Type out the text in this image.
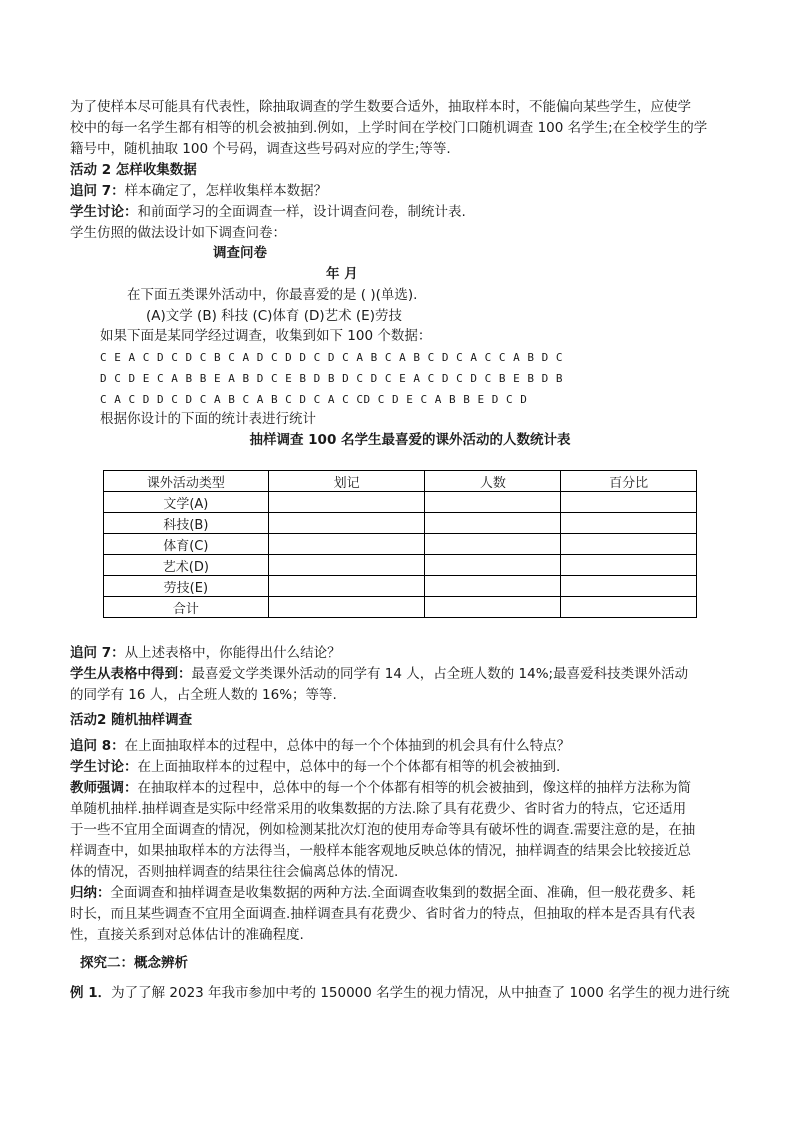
为了使样本尽可能具有代表性，除抽取调查的学生数要合适外，抽取样本时，不能偏向某些学生，应使学
校中的每一名学生都有相等的机会被抽到.例如，上学时间在学校门口随机调查 100 名学生;在全校学生的学
籍号中，随机抽取 100 个号码，调查这些号码对应的学生;等等.
活动 2 怎样收集数据
追问 7：样本确定了，怎样收集样本数据？
学生讨论：和前面学习的全面调查一样，设计调查问卷，制统计表.
学生仿照的做法设计如下调查问卷：
调查问卷
年 月
在下面五类课外活动中，你最喜爱的是 ( )(单选).
(A)文学 (B) 科技 (C)体育 (D)艺术 (E)劳技
如果下面是某同学经过调查，收集到如下 100 个数据：
C E A C D C D C B C A D C D D C D C A B C A B C D C A C C A B D C
D C D E C A B B E A B D C E B D B D C D C E A C D C D C B E B D B
C A C D D C D C A B C A B C D C A C CD C D E C A B B E D C D
根据你设计的下面的统计表进行统计
抽样调查 100 名学生最喜爱的课外活动的人数统计表
课外活动类型	划记	人数	百分比
文学(A)			
科技(B)			
体育(C)			
艺术(D)			
劳技(E)			
合计			
追问 7：从上述表格中，你能得出什么结论？
学生从表格中得到：最喜爱文学类课外活动的同学有 14 人，占全班人数的 14%;最喜爱科技类课外活动
的同学有 16 人，占全班人数的 16%；等等.
活动2 随机抽样调查
追问 8：在上面抽取样本的过程中，总体中的每一个个体抽到的机会具有什么特点？
学生讨论：在上面抽取样本的过程中，总体中的每一个个体都有相等的机会被抽到.
教师强调：在抽取样本的过程中，总体中的每一个个体都有相等的机会被抽到，像这样的抽样方法称为简
单随机抽样.抽样调查是实际中经常采用的收集数据的方法.除了具有花费少、省时省力的特点，它还适用
于一些不宜用全面调查的情况，例如检测某批次灯泡的使用寿命等具有破坏性的调查.需要注意的是，在抽
样调查中，如果抽取样本的方法得当，一般样本能客观地反映总体的情况，抽样调查的结果会比较接近总
体的情况，否则抽样调查的结果往往会偏离总体的情况.
归纳：全面调查和抽样调查是收集数据的两种方法.全面调查收集到的数据全面、准确，但一般花费多、耗
时长，而且某些调查不宜用全面调查.抽样调查具有花费少、省时省力的特点，但抽取的样本是否具有代表
性，直接关系到对总体估计的准确程度.
探究二：概念辨析
例 1．为了了解 2023 年我市参加中考的 150000 名学生的视力情况，从中抽查了 1000 名学生的视力进行统
